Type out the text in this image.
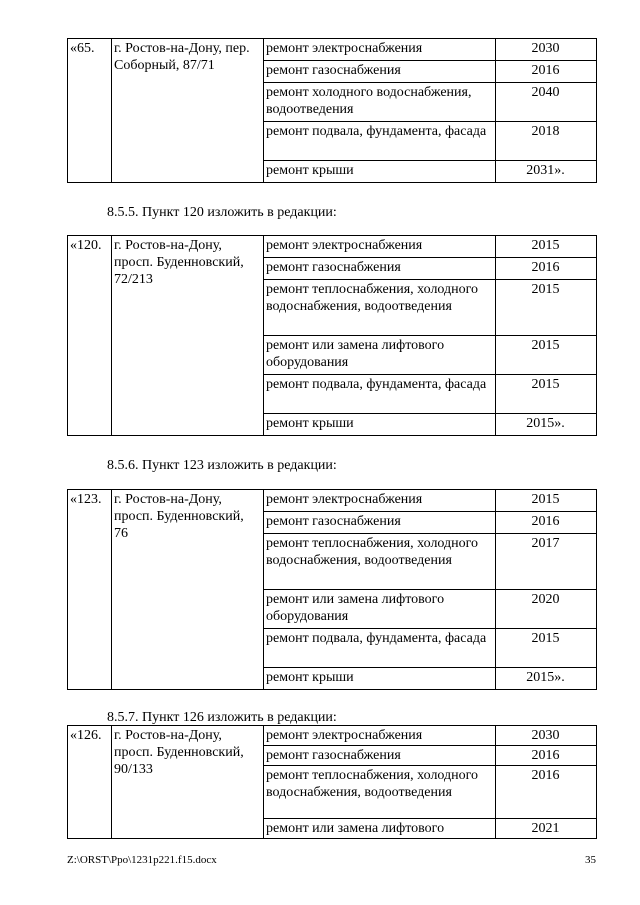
«65.	г. Ростов-на-Дону, пер. Соборный, 87/71	ремонт электроснабжения	2030
		ремонт газоснабжения	2016
		ремонт холодного водоснабжения, водоотведения	2040
		ремонт подвала, фундамента, фасада	2018
		ремонт крыши	2031».
8.5.5. Пункт 120 изложить в редакции:
«120.	г. Ростов-на-Дону, просп. Буденновский, 72/213	ремонт электроснабжения	2015
		ремонт газоснабжения	2016
		ремонт теплоснабжения, холодного водоснабжения, водоотведения	2015
		ремонт или замена лифтового оборудования	2015
		ремонт подвала, фундамента, фасада	2015
		ремонт крыши	2015».
8.5.6. Пункт 123 изложить в редакции:
«123.	г. Ростов-на-Дону, просп. Буденновский, 76	ремонт электроснабжения	2015
		ремонт газоснабжения	2016
		ремонт теплоснабжения, холодного водоснабжения, водоотведения	2017
		ремонт или замена лифтового оборудования	2020
		ремонт подвала, фундамента, фасада	2015
		ремонт крыши	2015».
8.5.7. Пункт 126 изложить в редакции:
«126.	г. Ростов-на-Дону, просп. Буденновский, 90/133	ремонт электроснабжения	2030
		ремонт газоснабжения	2016
		ремонт теплоснабжения, холодного водоснабжения, водоотведения	2016
		ремонт или замена лифтового	2021
Z:\ORST\Ppo\1231p221.f15.docx	35
